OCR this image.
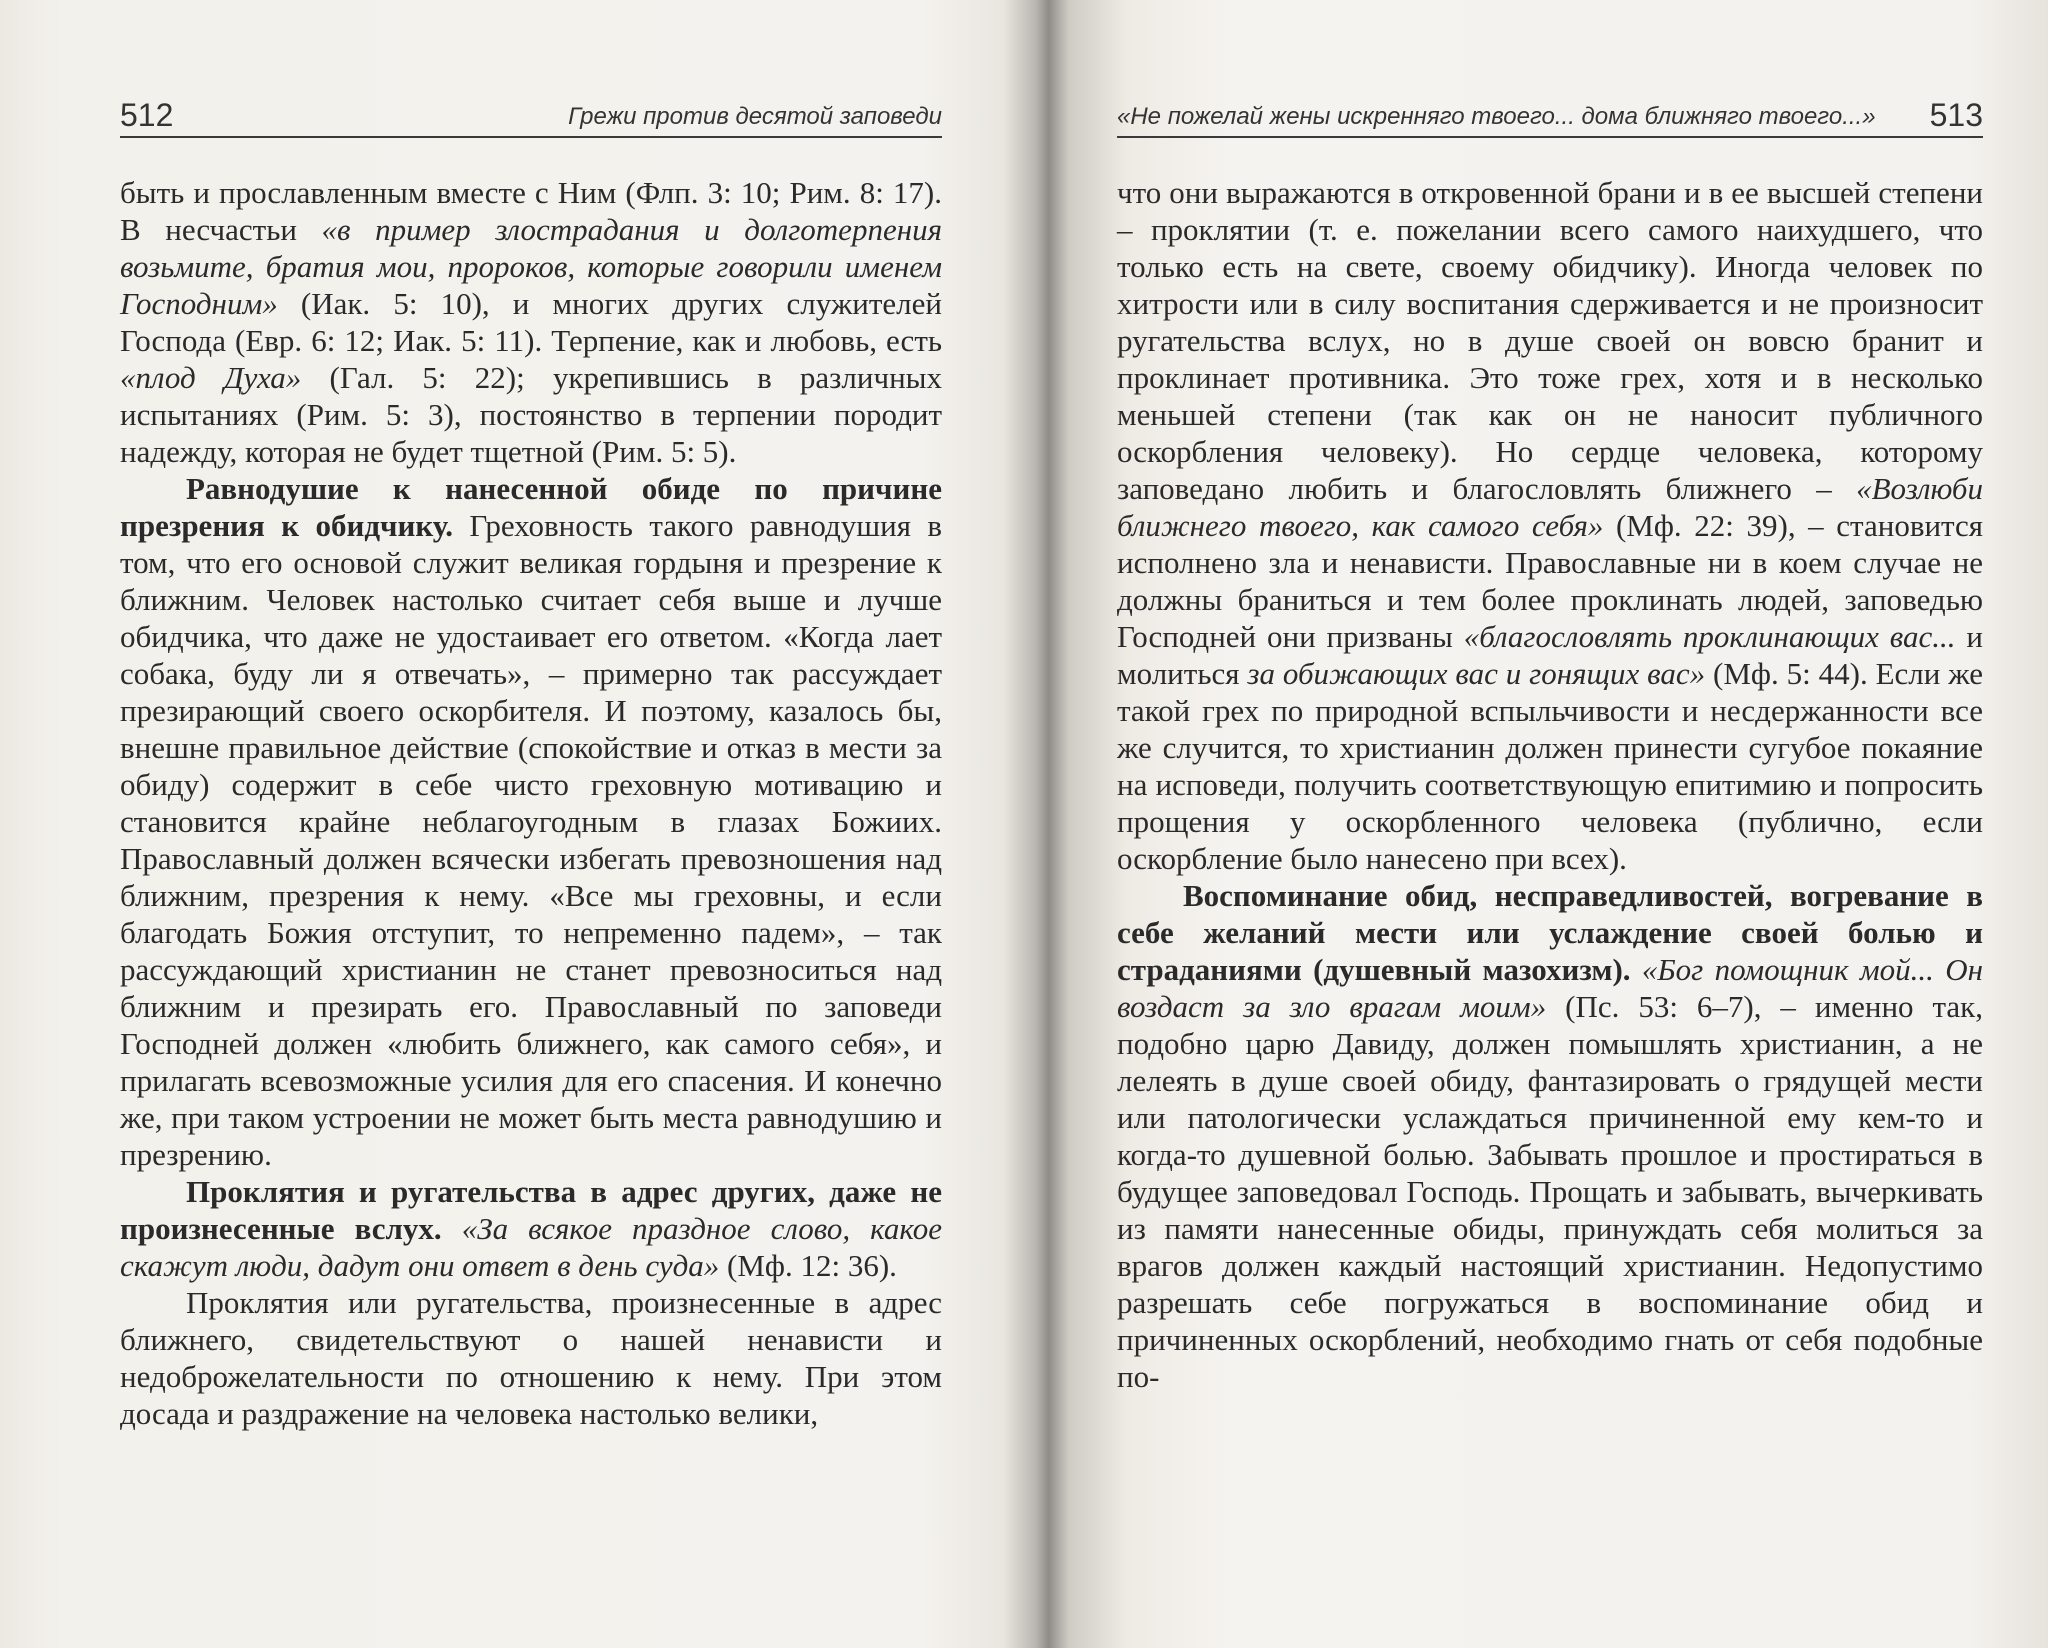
512	Грежи против десятой заповеди

быть и прославленным вместе с Ним (Флп. 3: 10; Рим. 8: 17). В несчастьи «в пример злострадания и долготерпения возьмите, братия мои, пророков, которые говорили именем Господним» (Иак. 5: 10), и многих других служителей Господа (Евр. 6: 12; Иак. 5: 11). Терпение, как и любовь, есть «плод Духа» (Гал. 5: 22); укрепившись в различных испытаниях (Рим. 5: 3), постоянство в терпении породит надежду, которая не будет тщетной (Рим. 5: 5).

Равнодушие к нанесенной обиде по причине презрения к обидчику. Греховность такого равнодушия в том, что его основой служит великая гордыня и презрение к ближним. Человек настолько считает себя выше и лучше обидчика, что даже не удостаивает его ответом. «Когда лает собака, буду ли я отвечать», – примерно так рассуждает презирающий своего оскорбителя. И поэтому, казалось бы, внешне правильное действие (спокойствие и отказ в мести за обиду) содержит в себе чисто греховную мотивацию и становится крайне неблагоугодным в глазах Божиих. Православный должен всячески избегать превозношения над ближним, презрения к нему. «Все мы греховны, и если благодать Божия отступит, то непременно падем», – так рассуждающий христианин не станет превозноситься над ближним и презирать его. Православный по заповеди Господней должен «любить ближнего, как самого себя», и прилагать всевозможные усилия для его спасения. И конечно же, при таком устроении не может быть места равнодушию и презрению.

Проклятия и ругательства в адрес других, даже не произнесенные вслух. «За всякое праздное слово, какое скажут люди, дадут они ответ в день суда» (Мф. 12: 36).

Проклятия или ругательства, произнесенные в адрес ближнего, свидетельствуют о нашей ненависти и недоброжелательности по отношению к нему. При этом досада и раздражение на человека настолько велики,

«Не пожелай жены искренняго твоего... дома ближняго твоего...» 513

что они выражаются в откровенной брани и в ее высшей степени – проклятии (т. е. пожелании всего самого наихудшего, что только есть на свете, своему обидчику). Иногда человек по хитрости или в силу воспитания сдерживается и не произносит ругательства вслух, но в душе своей он вовсю бранит и проклинает противника. Это тоже грех, хотя и в несколько меньшей степени (так как он не наносит публичного оскорбления человеку). Но сердце человека, которому заповедано любить и благословлять ближнего – «Возлюби ближнего твоего, как самого себя» (Мф. 22: 39), – становится исполнено зла и ненависти. Православные ни в коем случае не должны браниться и тем более проклинать людей, заповедью Господней они призваны «благословлять проклинающих вас... и молиться за обижающих вас и гонящих вас» (Мф. 5: 44). Если же такой грех по природной вспыльчивости и несдержанности все же случится, то христианин должен принести сугубое покаяние на исповеди, получить соответствующую епитимию и попросить прощения у оскорбленного человека (публично, если оскорбление было нанесено при всех).

Воспоминание обид, несправедливостей, вогревание в себе желаний мести или услаждение своей болью и страданиями (душевный мазохизм). «Бог помощник мой... Он воздаст за зло врагам моим» (Пс. 53: 6–7), – именно так, подобно царю Давиду, должен помышлять христианин, а не лелеять в душе своей обиду, фантазировать о грядущей мести или патологически услаждаться причиненной ему кем-то и когда-то душевной болью. Забывать прошлое и простираться в будущее заповедовал Господь. Прощать и забывать, вычеркивать из памяти нанесенные обиды, принуждать себя молиться за врагов должен каждый настоящий христианин. Недопустимо разрешать себе погружаться в воспоминание обид и причиненных оскорблений, необходимо гнать от себя подобные по-
